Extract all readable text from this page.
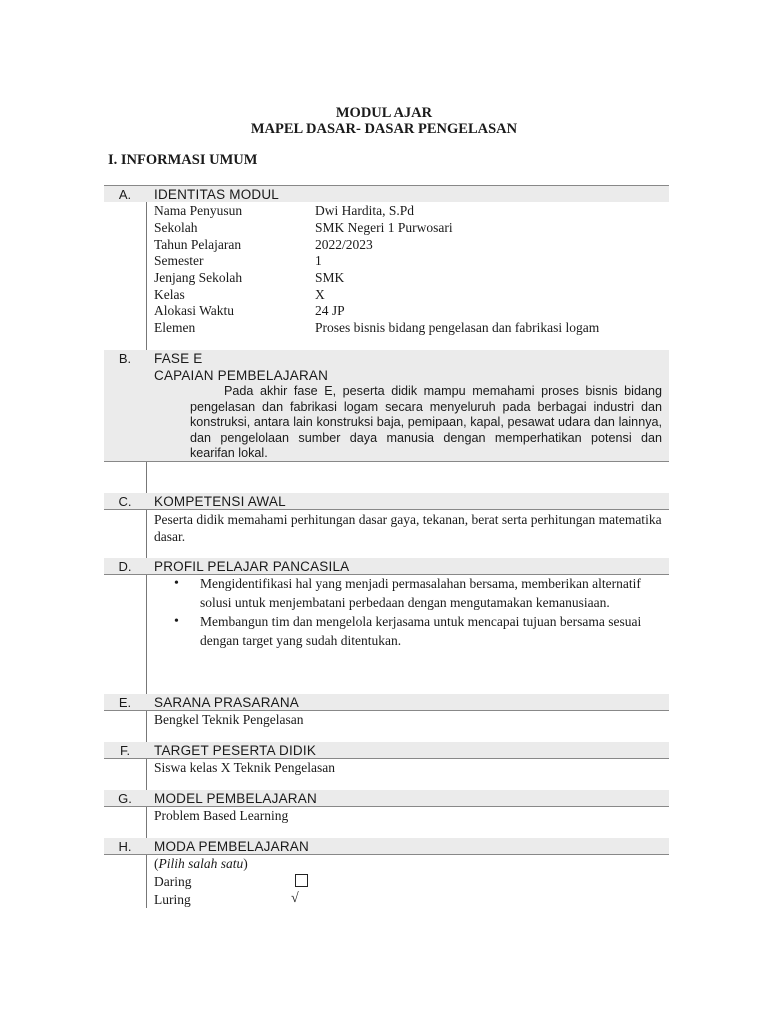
MODUL AJAR
MAPEL DASAR- DASAR PENGELASAN
I. INFORMASI UMUM
A.	IDENTITAS MODUL
Nama Penyusun	Dwi Hardita, S.Pd
Sekolah	SMK Negeri 1 Purwosari
Tahun Pelajaran	2022/2023
Semester	1
Jenjang Sekolah	SMK
Kelas	X
Alokasi Waktu	24 JP
Elemen	Proses bisnis bidang pengelasan dan fabrikasi logam
B.	FASE E
CAPAIAN PEMBELAJARAN
Pada akhir fase E, peserta didik mampu memahami proses bisnis bidang pengelasan dan fabrikasi logam secara menyeluruh pada berbagai industri dan konstruksi, antara lain konstruksi baja, pemipaan, kapal, pesawat udara dan lainnya, dan pengelolaan sumber daya manusia dengan memperhatikan potensi dan kearifan lokal.
C.	KOMPETENSI AWAL
Peserta didik memahami perhitungan dasar gaya, tekanan, berat serta perhitungan matematika dasar.
D.	PROFIL PELAJAR PANCASILA
• Mengidentifikasi hal yang menjadi permasalahan bersama, memberikan alternatif solusi untuk menjembatani perbedaan dengan mengutamakan kemanusiaan.
• Membangun tim dan mengelola kerjasama untuk mencapai tujuan bersama sesuai dengan target yang sudah ditentukan.
E.	SARANA PRASARANA
Bengkel Teknik Pengelasan
F.	TARGET PESERTA DIDIK
Siswa kelas X Teknik Pengelasan
G.	MODEL PEMBELAJARAN
Problem Based Learning
H.	MODA PEMBELAJARAN
(Pilih salah satu)
Daring
Luring	√
